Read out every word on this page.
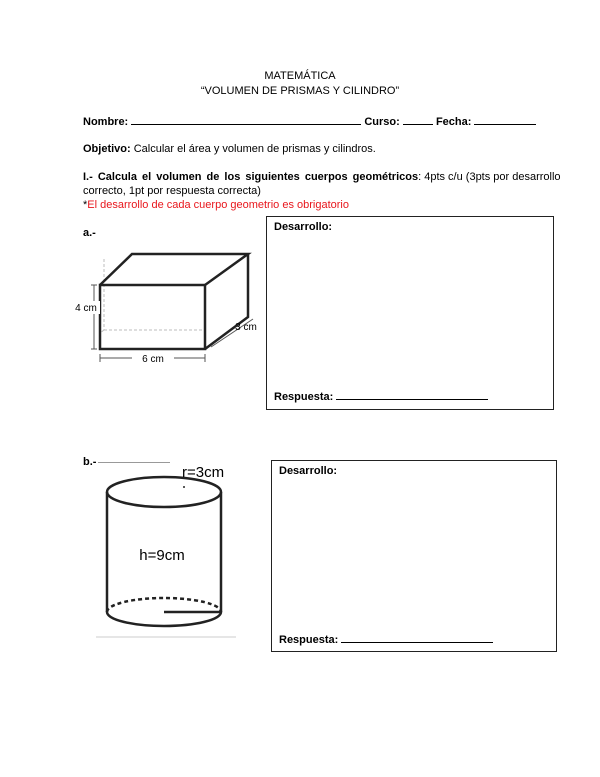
MATEMÁTICA
“VOLUMEN DE PRISMAS Y CILINDRO”
Nombre:	Curso:	Fecha:
Objetivo: Calcular el área y volumen de prismas y cilindros.
I.- Calcula el volumen de los siguientes cuerpos geométricos: 4pts c/u (3pts por desarrollo
correcto, 1pt por respuesta correcta)
*El desarrollo de cada cuerpo geometrio es obrigatorio
a.-
4 cm
3 cm
6 cm
Desarrollo:
Respuesta:
b.-
h=9cm
r=3cm	Desarrollo:
Respuesta:
